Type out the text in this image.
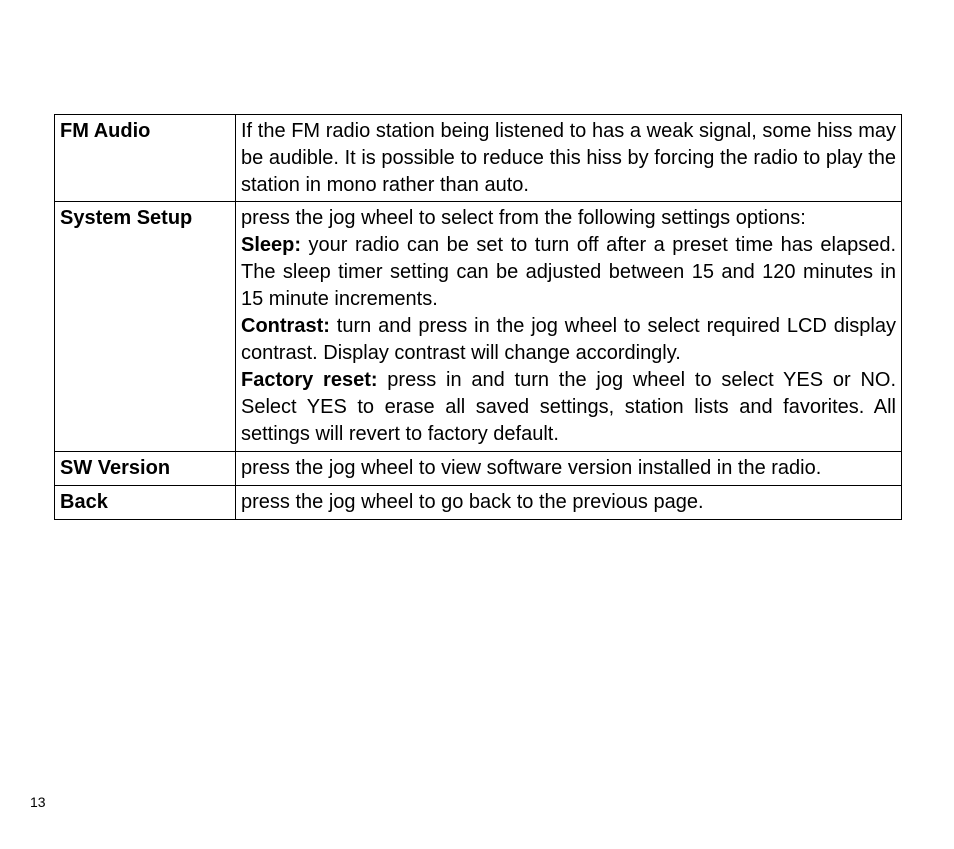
FM Audio	If the FM radio station being listened to has a weak signal, some hiss may be audible. It is possible to reduce this hiss by forcing the radio to play the station in mono rather than auto.

System Setup	press the jog wheel to select from the following settings options:

Sleep: your radio can be set to turn off after a preset time has elapsed. The sleep timer setting can be adjusted between 15 and 120 minutes in 15 minute increments.

Contrast: turn and press in the jog wheel to select required LCD display contrast. Display contrast will change accordingly.

Factory reset: press in and turn the jog wheel to select YES or NO. Select YES to erase all saved settings, station lists and favorites. All settings will revert to factory default.

SW Version	press the jog wheel to view software version installed in the radio.

Back	press the jog wheel to go back to the previous page.

13
